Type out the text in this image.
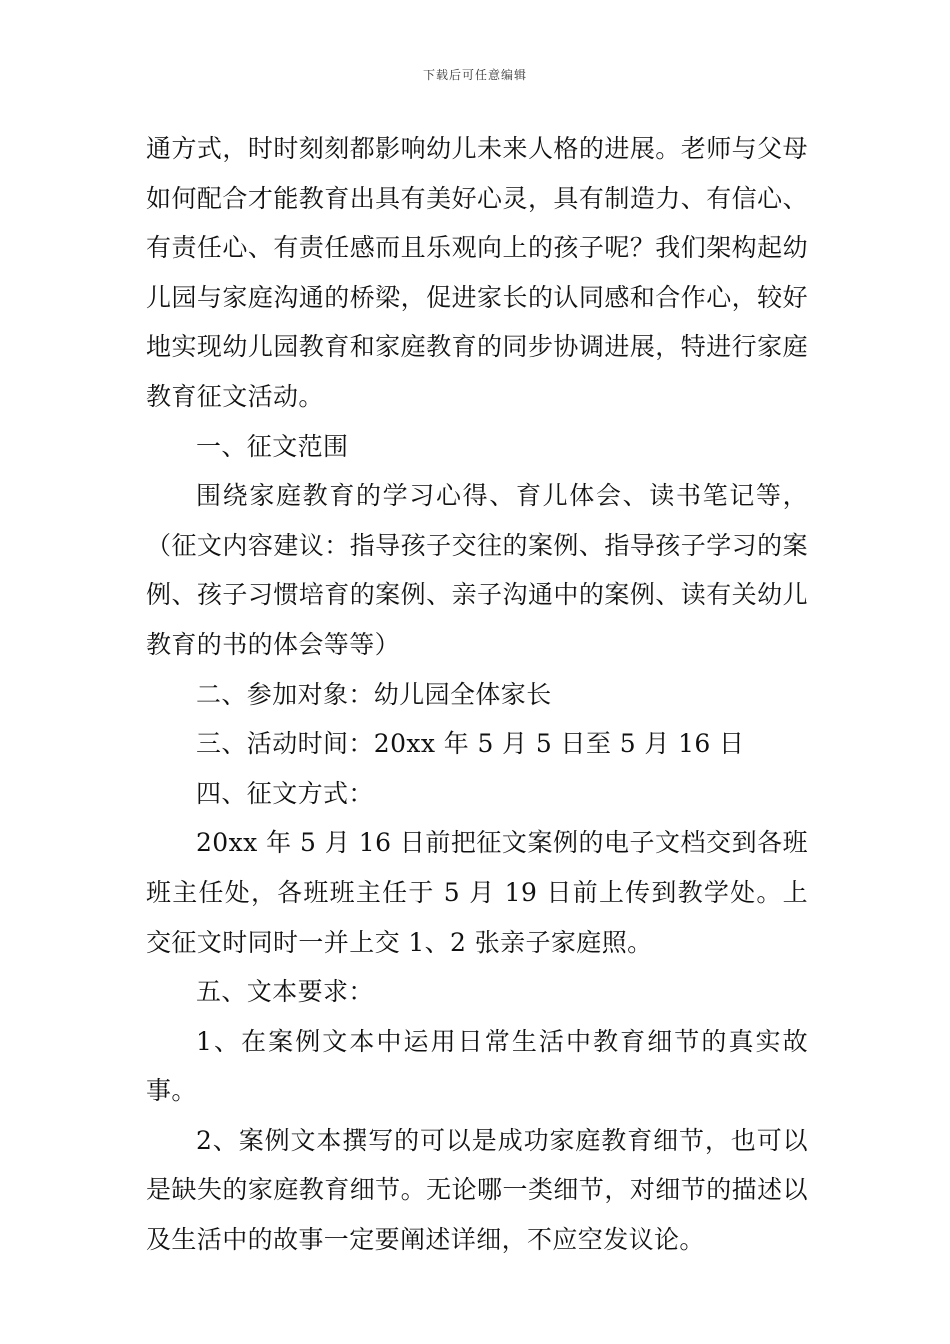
下载后可任意编辑

通方式，时时刻刻都影响幼儿未来人格的进展。老师与父母如何配合才能教育出具有美好心灵，具有制造力、有信心、有责任心、有责任感而且乐观向上的孩子呢？我们架构起幼儿园与家庭沟通的桥梁，促进家长的认同感和合作心，较好地实现幼儿园教育和家庭教育的同步协调进展，特进行家庭教育征文活动。

一、征文范围

围绕家庭教育的学习心得、育儿体会、读书笔记等，（征文内容建议：指导孩子交往的案例、指导孩子学习的案例、孩子习惯培育的案例、亲子沟通中的案例、读有关幼儿教育的书的体会等等）

二、参加对象：幼儿园全体家长

三、活动时间：20xx 年 5 月 5 日至 5 月 16 日

四、征文方式：

20xx 年 5 月 16 日前把征文案例的电子文档交到各班班主任处，各班班主任于 5 月 19 日前上传到教学处。上交征文时同时一并上交 1、2 张亲子家庭照。

五、文本要求：

1、在案例文本中运用日常生活中教育细节的真实故事。

2、案例文本撰写的可以是成功家庭教育细节，也可以是缺失的家庭教育细节。无论哪一类细节，对细节的描述以及生活中的故事一定要阐述详细，不应空发议论。
